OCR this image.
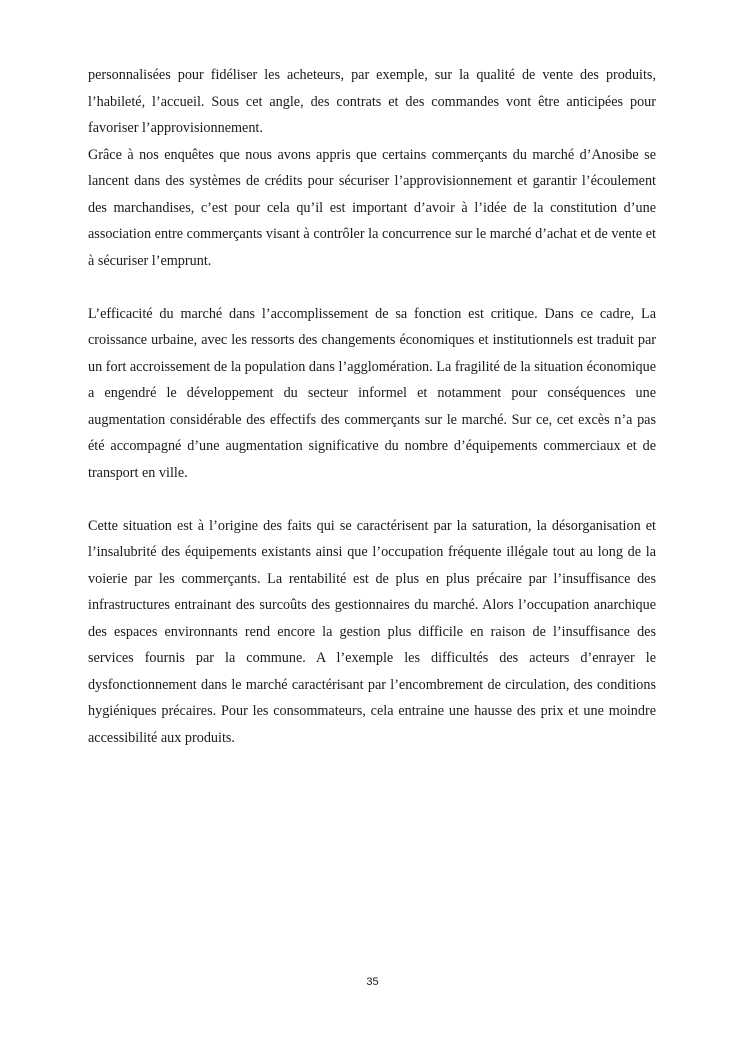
personnalisées pour fidéliser les acheteurs, par exemple, sur la qualité de vente des produits, l’habileté, l’accueil. Sous cet angle, des contrats et des commandes vont être anticipées pour favoriser l’approvisionnement.

Grâce à nos enquêtes que nous avons appris que certains commerçants du marché d’Anosibe se lancent dans des systèmes de crédits pour sécuriser l’approvisionnement et garantir l’écoulement des marchandises, c’est pour cela qu’il est important d’avoir à l’idée de la constitution d’une association entre commerçants visant à contrôler la concurrence sur le marché d’achat et de vente et à sécuriser l’emprunt.

L’efficacité du marché dans l’accomplissement de sa fonction est critique. Dans ce cadre, La croissance urbaine, avec les ressorts des changements économiques et institutionnels est traduit par un fort accroissement de la population dans l’agglomération. La fragilité de la situation économique a engendré le développement du secteur informel et notamment pour conséquences une augmentation considérable des effectifs des commerçants sur le marché. Sur ce, cet excès n’a pas été accompagné d’une augmentation significative du nombre d’équipements commerciaux et de transport en ville.

Cette situation est à l’origine des faits qui se caractérisent par la saturation, la désorganisation et l’insalubrité des équipements existants ainsi que l’occupation fréquente illégale tout au long de la voierie par les commerçants. La rentabilité est de plus en plus précaire par l’insuffisance des infrastructures entrainant des surcoûts des gestionnaires du marché. Alors l’occupation anarchique des espaces environnants rend encore la gestion plus difficile en raison de l’insuffisance des services fournis par la commune. A l’exemple les difficultés des acteurs d’enrayer le dysfonctionnement dans le marché caractérisant par l’encombrement de circulation, des conditions hygiéniques précaires. Pour les consommateurs, cela entraine une hausse des prix et une moindre accessibilité aux produits.

35
